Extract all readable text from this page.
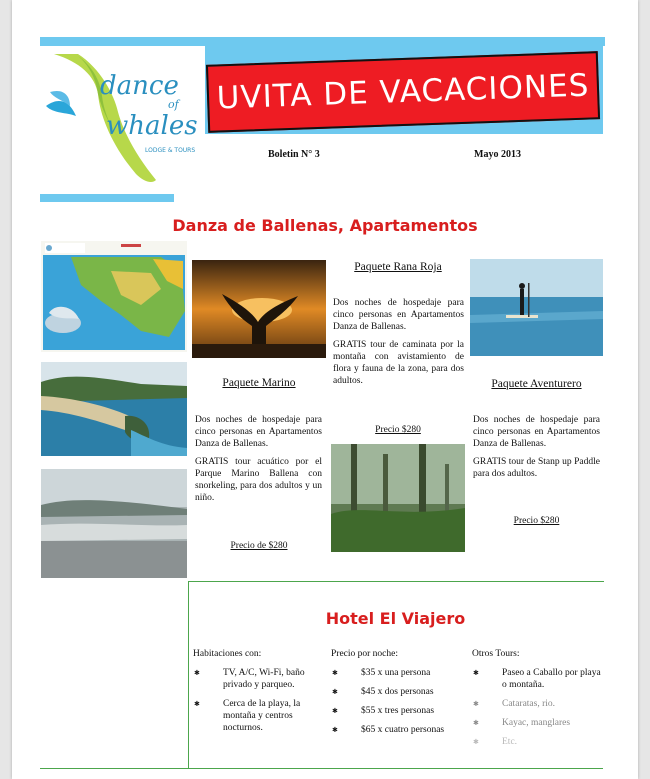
dance
of
whales
LODGE & TOURS
UVITA DE VACACIONES
Boletin N° 3	Mayo 2013
Danza de Ballenas, Apartamentos
Paquete Marino

Dos noches de hospedaje para cinco personas en Apartamentos Danza de Ballenas.

GRATIS tour acuático por el Parque Marino Ballena con snorkeling, para dos adultos y un niño.

Precio de $280
Paquete Rana Roja

Dos noches de hospedaje para cinco personas en Apartamentos Danza de Ballenas.

GRATIS tour de caminata por la montaña con avistamiento de flora y fauna de la zona, para dos adultos.

Precio $280
Paquete Aventurero

Dos noches de hospedaje para cinco personas en Apartamentos Danza de Ballenas.

GRATIS tour de Stanp up Paddle para dos adultos.

Precio $280
Hotel El Viajero
Habitaciones con:
✱ TV, A/C, Wi-Fi, baño privado y parqueo.
✱ Cerca de la playa, la montaña y centros nocturnos.
Precio por noche:
✱ $35 x una persona
✱ $45 x dos personas
✱ $55 x tres personas
✱ $65 x cuatro personas
Otros Tours:
✱ Paseo a Caballo por playa o montaña.
✱ Cataratas, rio.
✱ Kayac, manglares
✱ Etc.
